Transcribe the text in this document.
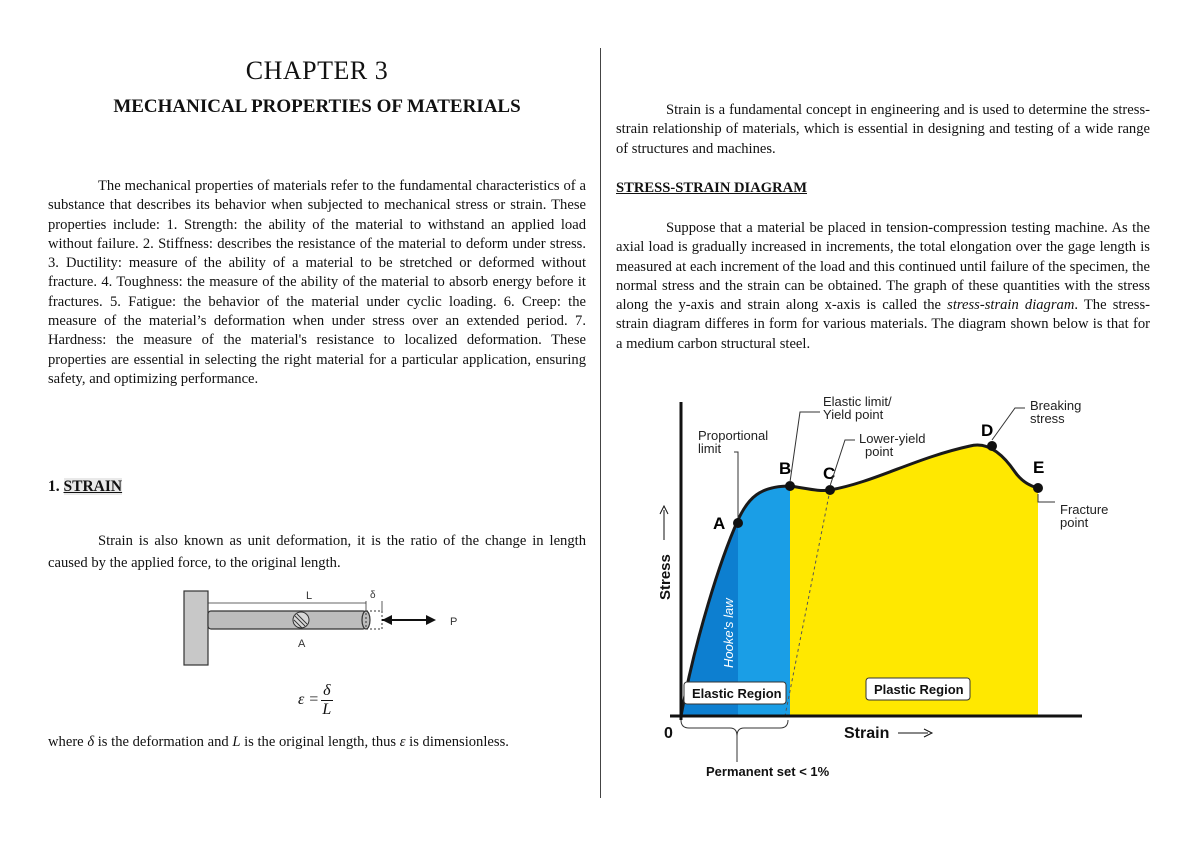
CHAPTER 3
MECHANICAL PROPERTIES OF MATERIALS

The mechanical properties of materials refer to the fundamental characteristics of a substance that describes its behavior when subjected to mechanical stress or strain. These properties include: 1. Strength: the ability of the material to withstand an applied load without failure. 2. Stiffness: describes the resistance of the material to deform under stress. 3. Ductility: measure of the ability of a material to be stretched or deformed without fracture. 4. Toughness: the measure of the ability of the material to absorb energy before it fractures. 5. Fatigue: the behavior of the material under cyclic loading. 6. Creep: the measure of the material’s deformation when under stress over an extended period. 7. Hardness: the measure of the material's resistance to localized deformation. These properties are essential in selecting the right material for a particular application, ensuring safety, and optimizing performance.

1. STRAIN

Strain is also known as unit deformation, it is the ratio of the change in length caused by the applied force, to the original length.

L	δ
A
P
$\varepsilon = \frac{\delta}{L}$

where δ is the deformation and L is the original length, thus ε is dimensionless.

Strain is a fundamental concept in engineering and is used to determine the stress-strain relationship of materials, which is essential in designing and testing of a wide range of structures and machines.

STRESS-STRAIN DIAGRAM

Suppose that a material be placed in tension-compression testing machine. As the axial load is gradually increased in increments, the total elongation over the gage length is measured at each increment of the load and this continued until failure of the specimen, the normal stress and the strain can be obtained. The graph of these quantities with the stress along the y-axis and strain along x-axis is called the stress-strain diagram. The stress-strain diagram differes in form for various materials. The diagram shown below is that for a medium carbon structural steel.

A
B C
D
E
Proportional
limit
Elastic limit/
Yield point
Lower-yield
point
Breaking
stress
Fracture
point
Stress
Strain
0
Hooke's law
Elastic Region	Plastic Region
Permanent set < 1%
